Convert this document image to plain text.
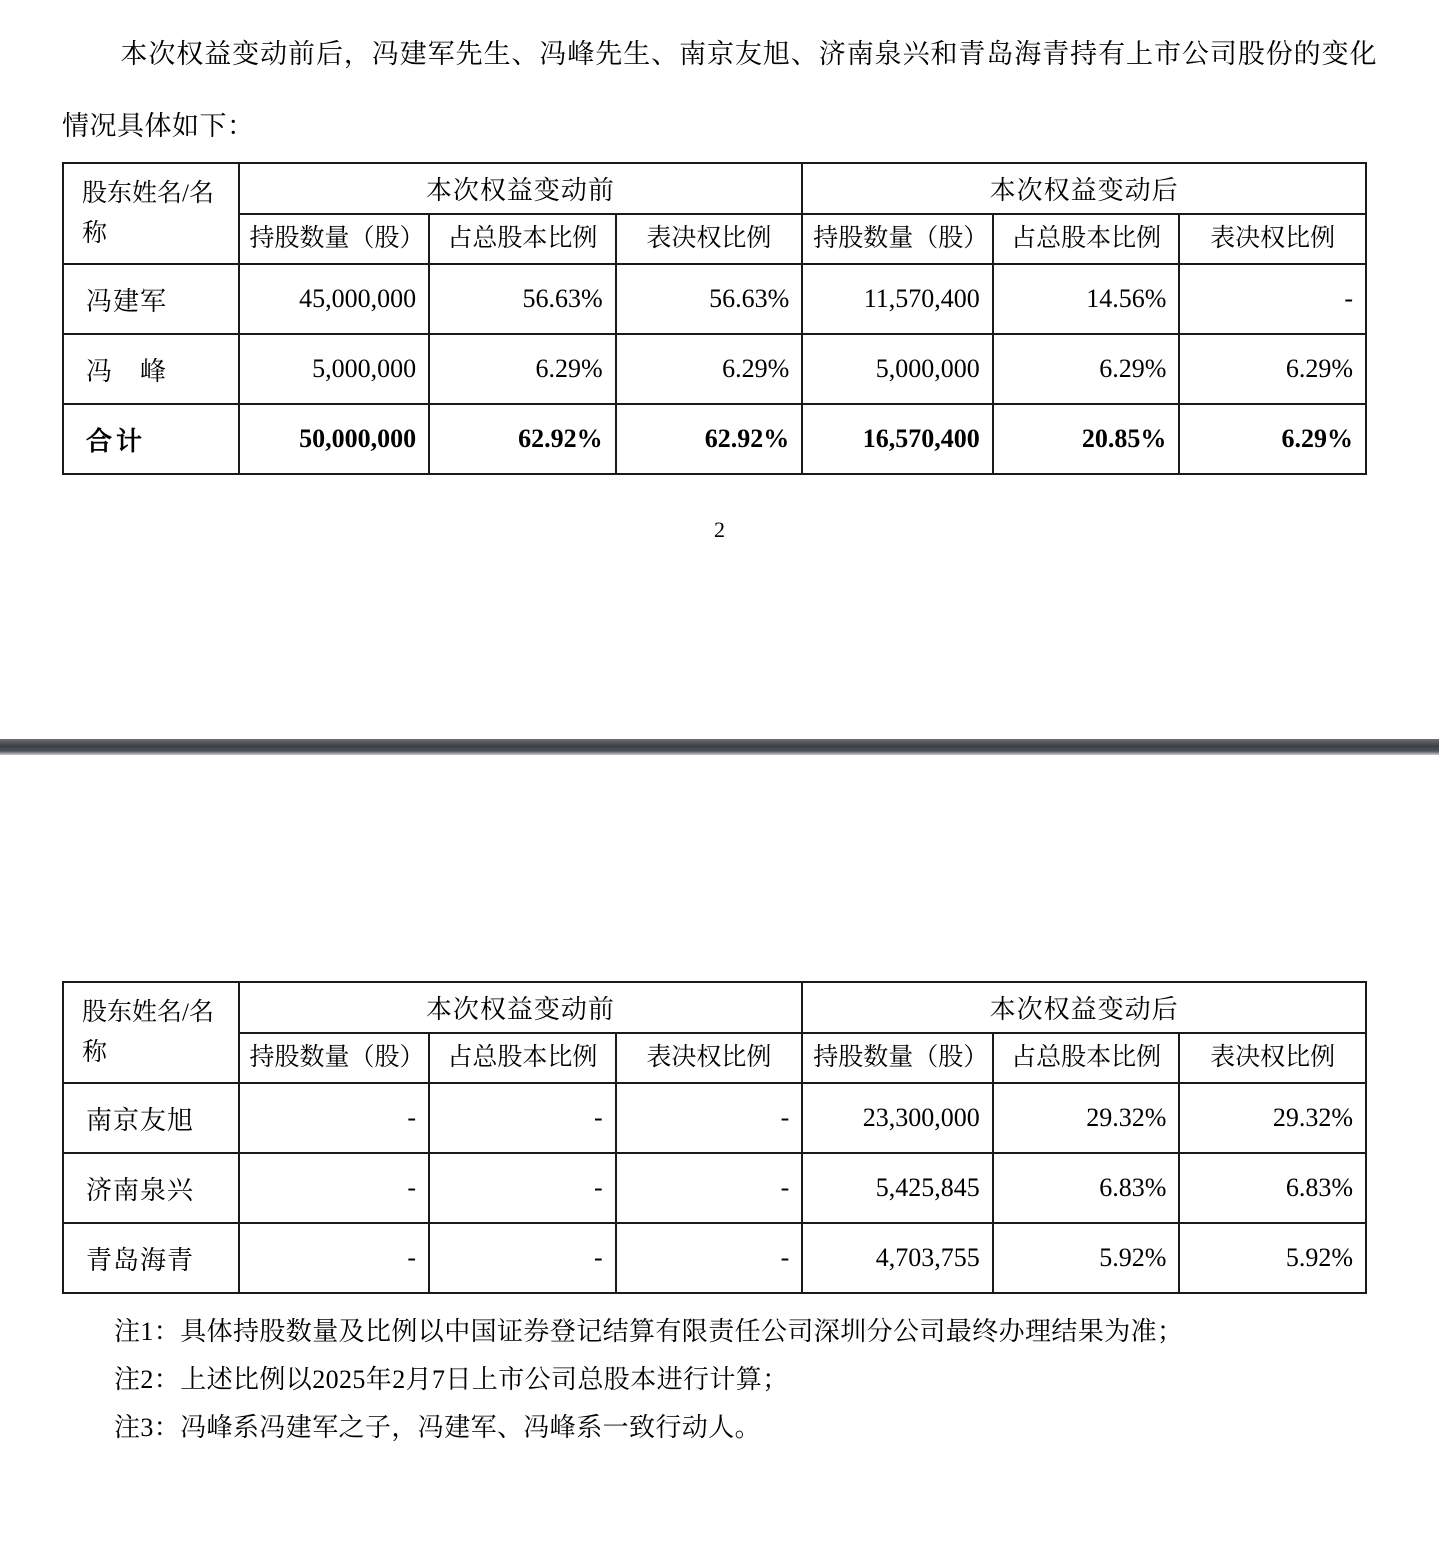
本次权益变动前后，冯建军先生、冯峰先生、南京友旭、济南泉兴和青岛海青持有上市公司股份的变化情况具体如下：

股东姓名/名称	本次权益变动前			本次权益变动后		
	持股数量（股）	占总股本比例	表决权比例	持股数量（股）	占总股本比例	表决权比例
冯建军	45,000,000	56.63%	56.63%	11,570,400	14.56%	-
冯　峰	5,000,000	6.29%	6.29%	5,000,000	6.29%	6.29%
合计	50,000,000	62.92%	62.92%	16,570,400	20.85%	6.29%
2
股东姓名/名称	本次权益变动前			本次权益变动后		
	持股数量（股）	占总股本比例	表决权比例	持股数量（股）	占总股本比例	表决权比例
南京友旭	-	-	-	23,300,000	29.32%	29.32%
济南泉兴	-	-	-	5,425,845	6.83%	6.83%
青岛海青	-	-	-	4,703,755	5.92%	5.92%
注1：具体持股数量及比例以中国证券登记结算有限责任公司深圳分公司最终办理结果为准；
注2：上述比例以2025年2月7日上市公司总股本进行计算；
注3：冯峰系冯建军之子，冯建军、冯峰系一致行动人。
